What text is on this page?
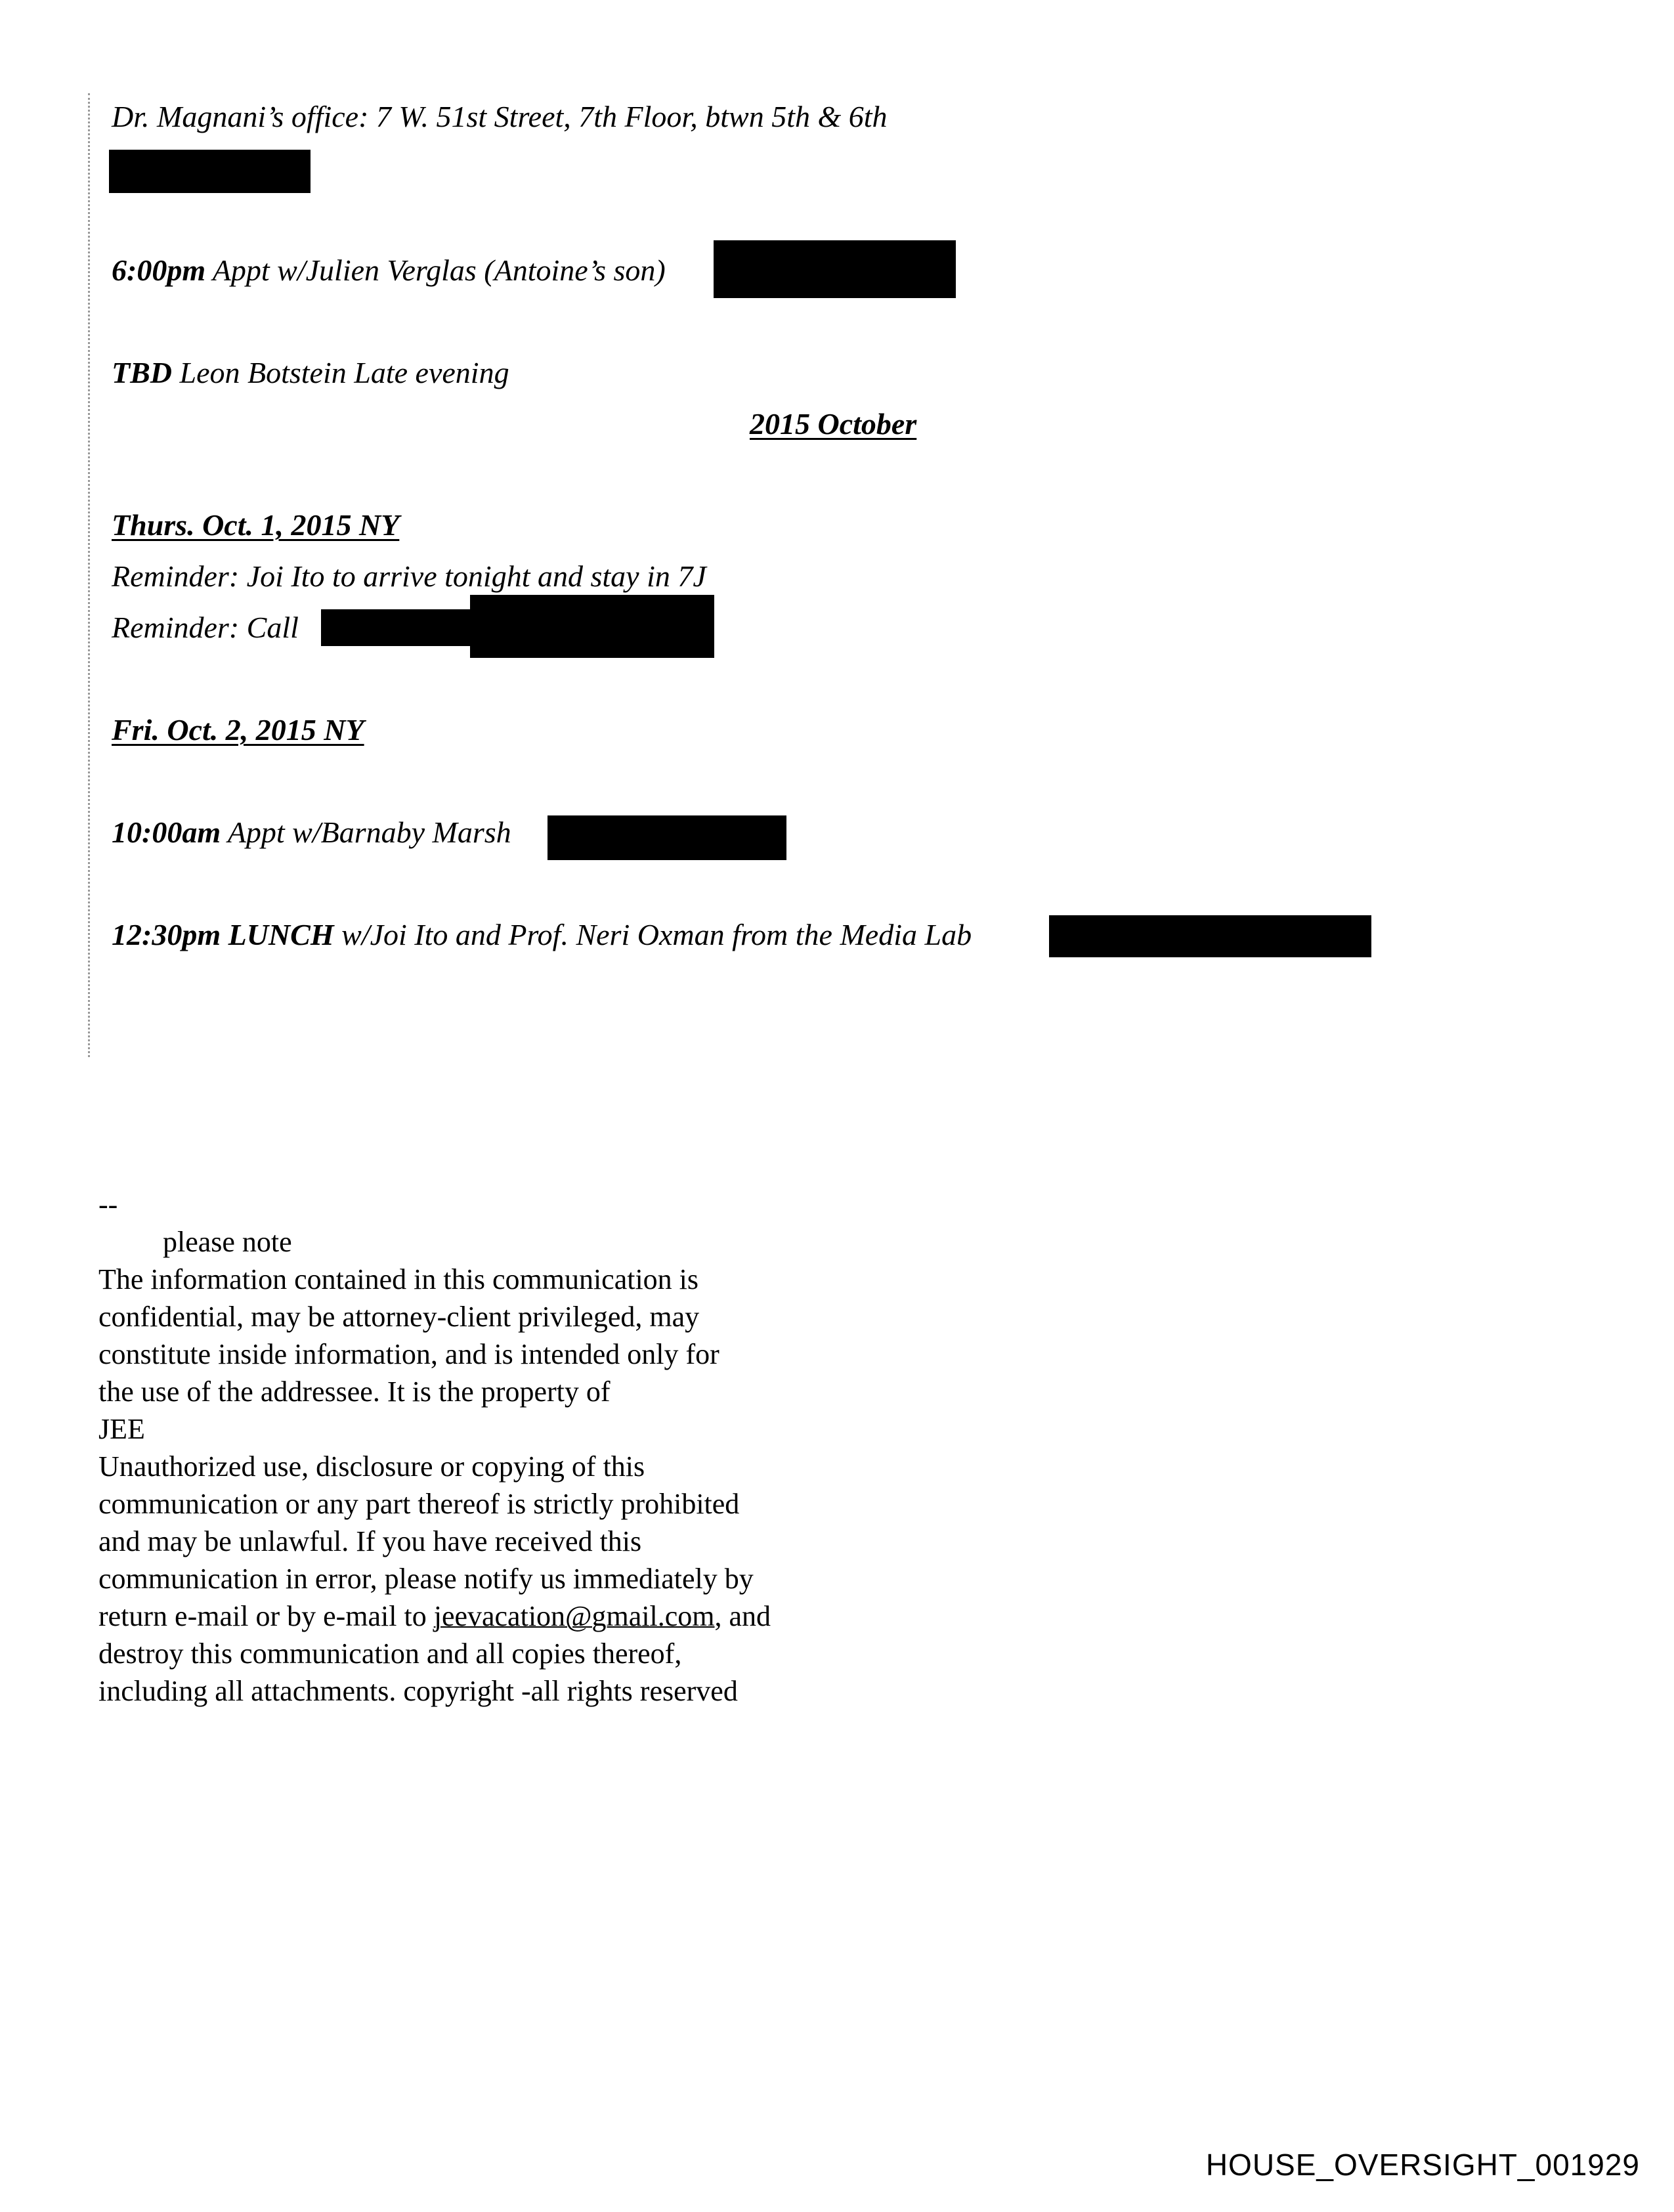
Dr. Magnani’s office: 7 W. 51st Street, 7th Floor, btwn 5th & 6th
6:00pm Appt w/Julien Verglas (Antoine’s son)
TBD Leon Botstein Late evening
2015 October
Thurs. Oct. 1, 2015 NY
Reminder: Joi Ito to arrive tonight and stay in 7J
Reminder: Call
Fri. Oct. 2, 2015 NY
10:00am Appt w/Barnaby Marsh
12:30pm LUNCH w/Joi Ito and Prof. Neri Oxman from the Media Lab
--
please note
The information contained in this communication is
confidential, may be attorney-client privileged, may
constitute inside information, and is intended only for
the use of the addressee. It is the property of
JEE
Unauthorized use, disclosure or copying of this
communication or any part thereof is strictly prohibited
and may be unlawful. If you have received this
communication in error, please notify us immediately by
return e-mail or by e-mail to jeevacation@gmail.com, and
destroy this communication and all copies thereof,
including all attachments. copyright -all rights reserved
HOUSE_OVERSIGHT_001929
